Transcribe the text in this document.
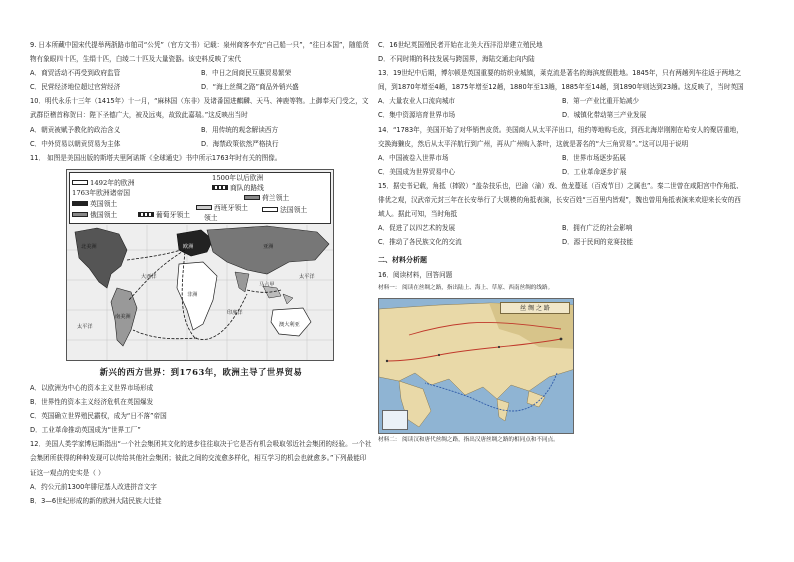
9. 日本所藏中国宋代提举两浙路市舶司“公凭”（官方文书）记载：泉州商客李充“自己船一只”，“往日本国”，随船货物有象眼四十匹，生绢十匹，白绫二十匹及大量瓷器。该史料反映了宋代
A．商贸活动不再受到政府监管	B．中日之间商民互惠贸易繁荣
C．民营经济地位超过官营经济	D．“海上丝绸之路”商品外销兴盛
10．明代永乐十三年（1415年）十一月，“麻林国（东非）及诸番国进麒麟、天马、神鹿等物。上御奉天门受之，文武群臣稽首称贺曰：陛下圣德广大，被及远夷，故致此嘉瑞。”这反映出当时
A．朝贡被赋予教化的政治含义	B．用传统的观念解读西方
C．中外贸易以朝贡贸易为主体	D．海禁政策依然严格执行
11． 如图是美国出版的斯塔夫里阿诺斯《全球通史》书中所示1763年时有关的图像。
1500年以后欧洲
1492年的欧洲
商队的路线
1763年欧洲诸帝国
英国领土
荷兰领土
俄国领土
西班牙领土
葡萄牙领土
法国领土
领土
北美洲	欧洲	亚洲
大西洋
南美洲
非洲
太平洋
印度洋
太平洋
澳大利亚
马六甲
新兴的西方世界：到1763年，欧洲主导了世界贸易
A．以欧洲为中心的资本主义世界市场形成
B．世界性的资本主义经济危机在英国爆发
C．英国确立世界殖民霸权，成为“日不落”帝国
D．工业革命推动英国成为“世界工厂”
12．美国人类学家博厄斯指出“一个社会集团其文化的进步往往取决于它是否有机会吸取邻近社会集团的经验。一个社会集团所获得的种种发现可以传给其他社会集团；彼此之间的交流愈多样化，相互学习的机会也就愈多。”下列最能印证这一观点的史实是（ ）
A．约公元前1300年腓尼基人改进拼音文字
B．3—6世纪形成的新的欧洲大陆民族大迁徙
C．16世纪英国殖民者开始在北美大西洋沿岸建立殖民地
D．不同时期的科技发展与跨国界，海陆交通走向内陆
13．19世纪中后期，博尔顿是英国重要的纺织业城镇，莱克流是著名的海滨度假胜地。1845年，只有两趟列车往返于两地之间，到1870年增至4趟，1875年增至12趟，1880年至13趟，1885年至14趟，到1890年则达到23趟。这反映了，当时英国
A．大量农业人口流向城市	B．第一产业比重开始减少
C．集中资源培育世界市场	D．城镇化带动第三产业发展
14．“1783年，美国开始了对华销售皮货。美国商人从太平洋出口，纽约等地购毛皮，到西北海岸刚刚在哈安人的聚居重地，交换海獭皮，然后从太平洋航行到广州，再从广州购入茶叶，这就是著名的“大三角贸易”。”这可以用于说明
A．中国被卷入世界市场	B．世界市场逐步拓展
C．美国成为世界贸易中心	D．工业革命逐步扩展
15．据史书记载，角抵（摔跤）“盖杂技乐也，巴渝（渝）戏、鱼龙蔓延（百戏节目）之属也”。秦二世曾在咸阳宫中作角抵、俳优之观，汉武帝元封三年在长安举行了大规模的角抵表演，长安百姓“三百里内皆观”，魏也曾用角抵表演来欢迎来长安的西域人。据此可知，当时角抵
A．促进了以四艺术的发展	B．拥有广泛的社会影响
C．推动了各民族文化的交流	D．源于民间的竞赛技能
二、材料分析题
16．阅读材料，回答问题
材料一： 阅读在丝绸之路，指出陆上、海上、草原、西南丝绸的线路。
丝 绸 之 路
材料二： 阅读汉和唐代丝绸之路，指出汉唐丝绸之路的相同点和不同点。
